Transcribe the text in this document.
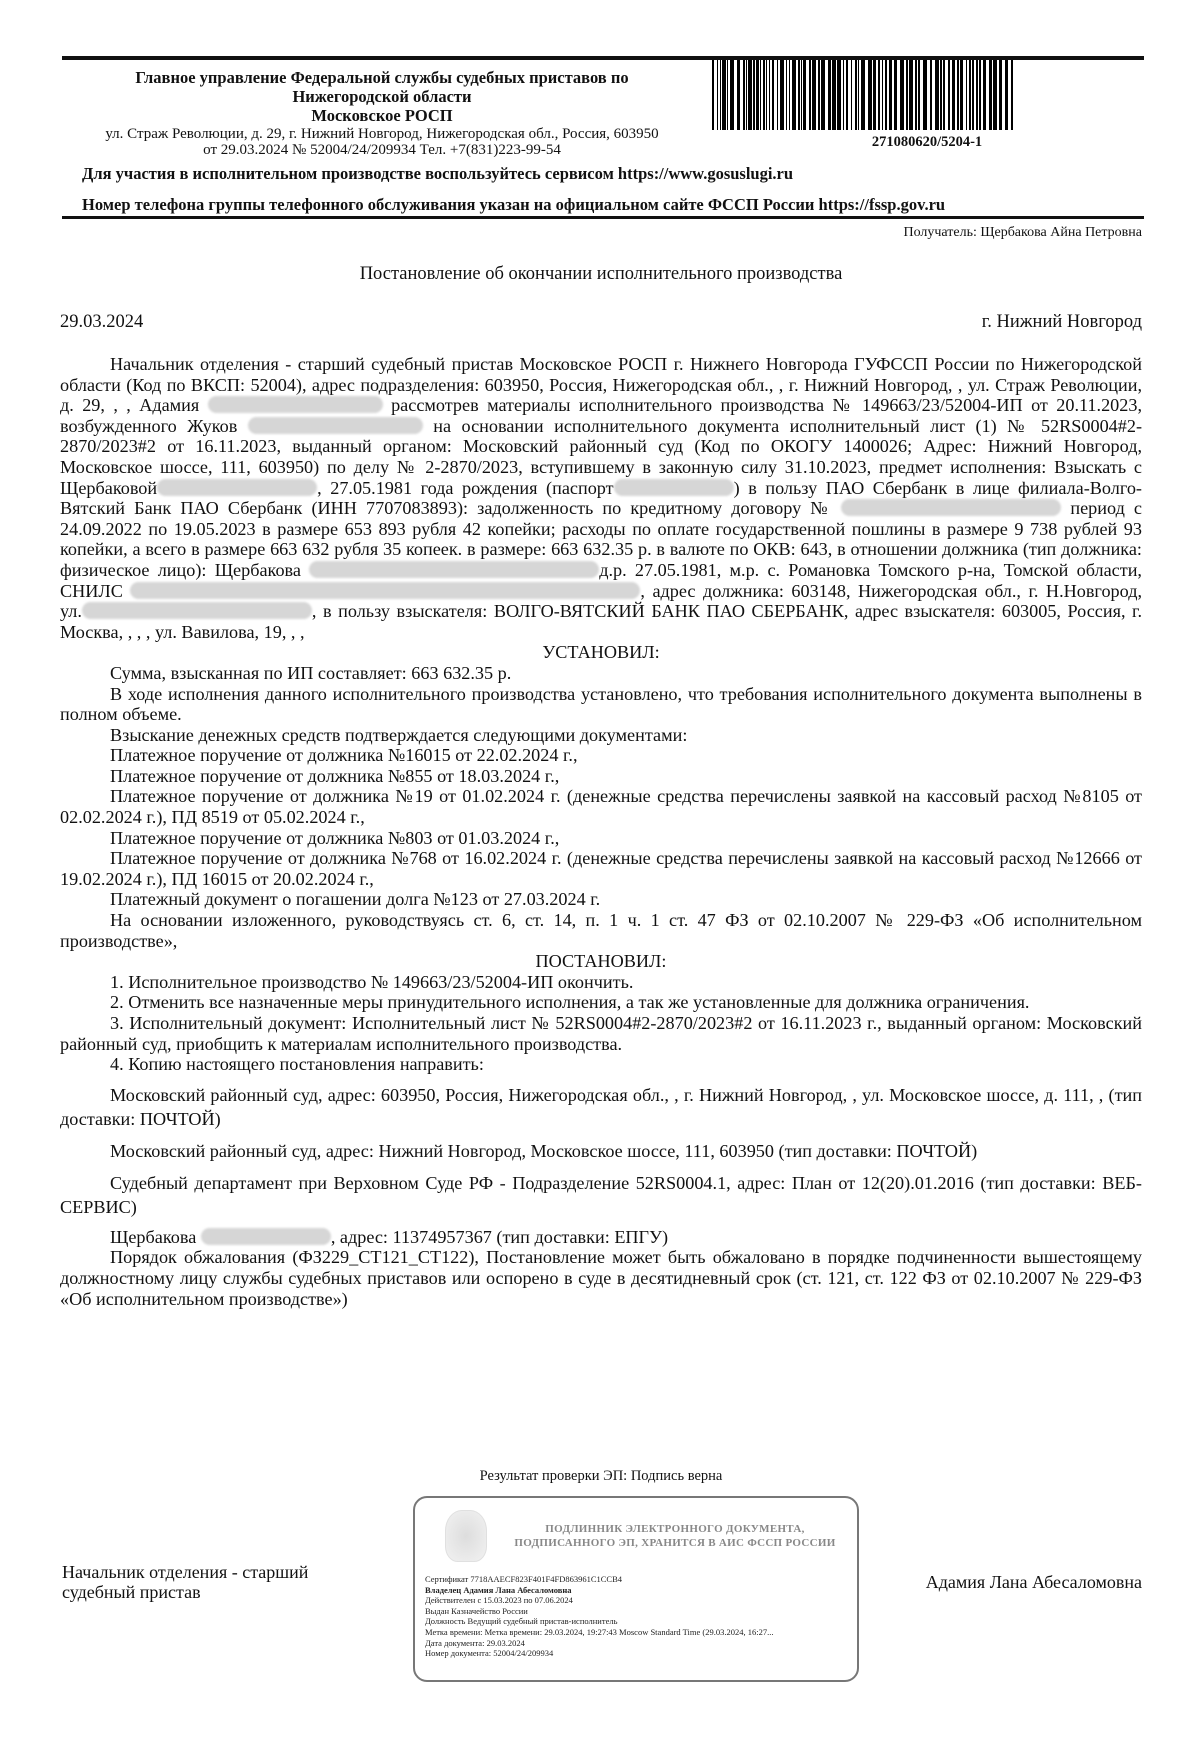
Главное управление Федеральной службы судебных приставов по
Нижегородской области
Московское РОСП
ул. Страж Революции, д. 29, г. Нижний Новгород, Нижегородская обл., Россия, 603950
от 29.03.2024 № 52004/24/209934 Тел. +7(831)223-99-54	271080620/5204-1
Для участия в исполнительном производстве воспользуйтесь сервисом https://www.gosuslugi.ru
Номер телефона группы телефонного обслуживания указан на официальном сайте ФССП России https://fssp.gov.ru
Получатель: Щербакова Айна Петровна
Постановление об окончании исполнительного производства
29.03.2024	г. Нижний Новгород

Начальник отделения - старший судебный пристав Московское РОСП г. Нижнего Новгорода ГУФССП России по Нижегородской области (Код по ВКСП: 52004), адрес подразделения: 603950, Россия, Нижегородская обл., , г. Нижний Новгород, , ул. Страж Революции, д. 29, , , Адамия	рассмотрев материалы исполнительного производства № 149663/23/52004-ИП от 20.11.2023, возбужденного Жуков	на основании исполнительного документа исполнительный лист (1) № 52RS0004#2-2870/2023#2 от 16.11.2023, выданный органом: Московский районный суд (Код по ОКОГУ 1400026; Адрес: Нижний Новгород, Московское шоссе, 111, 603950) по делу № 2-2870/2023, вступившему в законную силу 31.10.2023, предмет исполнения: Взыскать с Щербаковой	, 27.05.1981 года рождения (паспорт	) в пользу ПАО Сбербанк в лице филиала-Волго-Вятский Банк ПАО Сбербанк (ИНН 7707083893): задолженность по кредитному договору №	период с 24.09.2022 по 19.05.2023 в размере 653 893 рубля 42 копейки; расходы по оплате государственной пошлины в размере 9 738 рублей 93 копейки, а всего в размере 663 632 рубля 35 копеек. в размере: 663 632.35 р. в валюте по ОКВ: 643, в отношении должника (тип должника: физическое лицо): Щербакова	д.р. 27.05.1981, м.р. с. Романовка Томского р-на, Томской области, СНИЛС	, адрес должника: 603148, Нижегородская обл., г. Н.Новгород, ул.	, в пользу взыскателя: ВОЛГО-ВЯТСКИЙ БАНК ПАО СБЕРБАНК, адрес взыскателя: 603005, Россия, г. Москва, , , , ул. Вавилова, 19, , ,

УСТАНОВИЛ:

Сумма, взысканная по ИП составляет: 663 632.35 р.

В ходе исполнения данного исполнительного производства установлено, что требования исполнительного документа выполнены в полном объеме.

Взыскание денежных средств подтверждается следующими документами:

Платежное поручение от должника №16015 от 22.02.2024 г.,

Платежное поручение от должника №855 от 18.03.2024 г.,

Платежное поручение от должника №19 от 01.02.2024 г. (денежные средства перечислены заявкой на кассовый расход №8105 от 02.02.2024 г.), ПД 8519 от 05.02.2024 г.,

Платежное поручение от должника №803 от 01.03.2024 г.,

Платежное поручение от должника №768 от 16.02.2024 г. (денежные средства перечислены заявкой на кассовый расход №12666 от 19.02.2024 г.), ПД 16015 от 20.02.2024 г.,

Платежный документ о погашении долга №123 от 27.03.2024 г.

На основании изложенного, руководствуясь ст. 6, ст. 14, п. 1 ч. 1 ст. 47 ФЗ от 02.10.2007 № 229-ФЗ «Об исполнительном производстве»,

ПОСТАНОВИЛ:

1. Исполнительное производство № 149663/23/52004-ИП окончить.

2. Отменить все назначенные меры принудительного исполнения, а так же установленные для должника ограничения.

3. Исполнительный документ: Исполнительный лист № 52RS0004#2-2870/2023#2 от 16.11.2023 г., выданный органом: Московский районный суд, приобщить к материалам исполнительного производства.

4. Копию настоящего постановления направить:

Московский районный суд, адрес: 603950, Россия, Нижегородская обл., , г. Нижний Новгород, , ул. Московское шоссе, д. 111, , (тип доставки: ПОЧТОЙ)

Московский районный суд, адрес: Нижний Новгород, Московское шоссе, 111, 603950 (тип доставки: ПОЧТОЙ)

Судебный департамент при Верховном Суде РФ - Подразделение 52RS0004.1, адрес: План от 12(20).01.2016 (тип доставки: ВЕБ-СЕРВИС)

Щербакова	, адрес: 11374957367 (тип доставки: ЕПГУ)

Порядок обжалования (ФЗ229_СТ121_СТ122), Постановление может быть обжаловано в порядке подчиненности вышестоящему должностному лицу службы судебных приставов или оспорено в суде в десятидневный срок (ст. 121, ст. 122 ФЗ от 02.10.2007 № 229-ФЗ «Об исполнительном производстве»)

Результат проверки ЭП: Подпись верна
ПОДЛИННИК ЭЛЕКТРОННОГО ДОКУМЕНТА,
ПОДПИСАННОГО ЭП, ХРАНИТСЯ В АИС ФССП РОССИИ
Сертификат 7718AAECF823F401F4FD863961C1CCB4
Владелец Адамия Лана Абесаломовна
Действителен с 15.03.2023 по 07.06.2024
Выдан Казначейство России
Должность Ведущий судебный пристав-исполнитель
Метка времени: Метка времени: 29.03.2024, 19:27:43 Moscow Standard Time (29.03.2024, 16:27...
Дата документа: 29.03.2024
Номер документа: 52004/24/209934
Начальник отделения - старший
судебный пристав	Адамия Лана Абесаломовна
